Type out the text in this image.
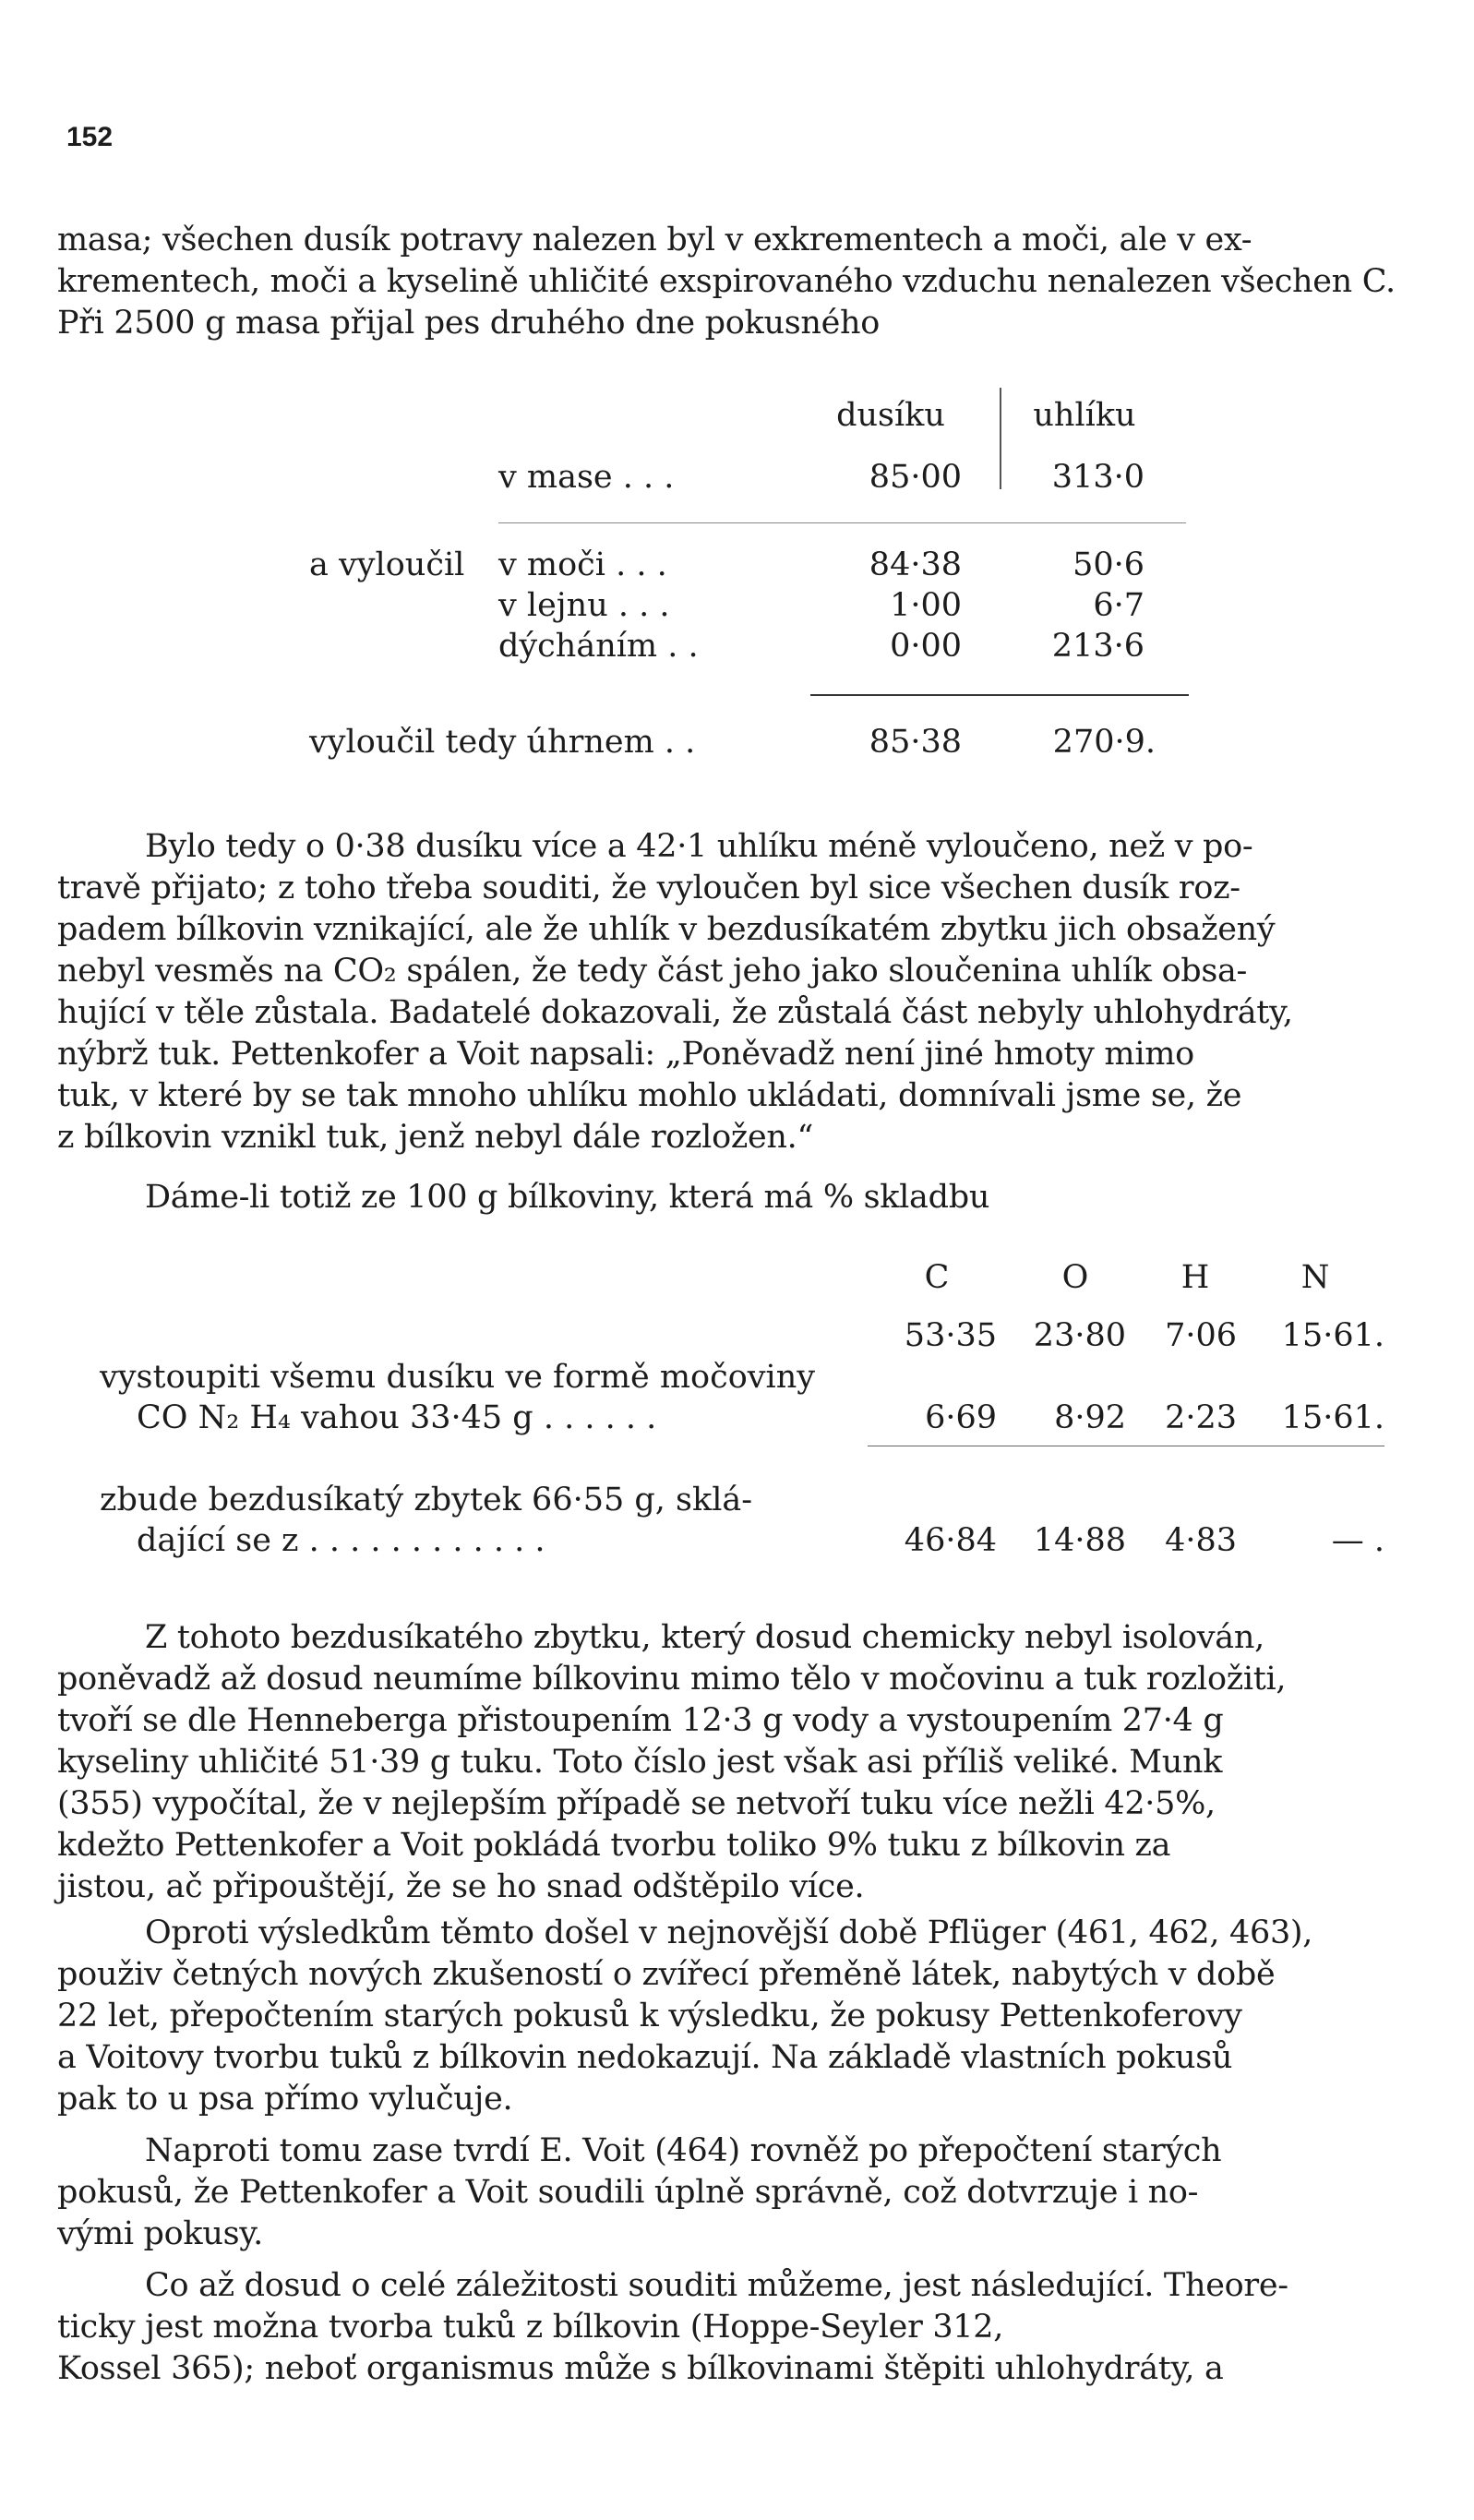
152
masa; všechen dusík potravy nalezen byl v exkrementech a moči, ale v ex-
krementech, moči a kyselině uhličité exspirovaného vzduchu nenalezen všechen C.
Při 2500 g masa přijal pes druhého dne pokusného
dusíku	uhlíku
v mase . . .	85·00	313·0
a vyloučil v moči . . .	84·38	50·6
v lejnu . . .	1·00	6·7
dýcháním . .	0·00	213·6
vyloučil tedy úhrnem . .	85·38	270·9.
Bylo tedy o 0·38 dusíku více a 42·1 uhlíku méně vyloučeno, než v po-
travě přijato; z toho třeba souditi, že vyloučen byl sice všechen dusík roz-
padem bílkovin vznikající, ale že uhlík v bezdusíkatém zbytku jich obsažený
nebyl vesměs na CO₂ spálen, že tedy část jeho jako sloučenina uhlík obsa-
hující v těle zůstala. Badatelé dokazovali, že zůstalá část nebyly uhlohydráty,
nýbrž tuk. Pettenkofer a Voit napsali: „Poněvadž není jiné hmoty mimo
tuk, v které by se tak mnoho uhlíku mohlo ukládati, domnívali jsme se, že
z bílkovin vznikl tuk, jenž nebyl dále rozložen.“
Dáme-li totiž ze 100 g bílkoviny, která má % skladbu
C	O	H	N
53·35	23·80	7·06	15·61.
vystoupiti všemu dusíku ve formě močoviny
CO N₂ H₄ vahou 33·45 g . . . . . .	6·69	8·92	2·23	15·61.
zbude bezdusíkatý zbytek 66·55 g, sklá-
dající se z . . . . . . . . . . . .	46·84	14·88	4·83	— .
Z tohoto bezdusíkatého zbytku, který dosud chemicky nebyl isolován,
poněvadž až dosud neumíme bílkovinu mimo tělo v močovinu a tuk rozložiti,
tvoří se dle Henneberga přistoupením 12·3 g vody a vystoupením 27·4 g
kyseliny uhličité 51·39 g tuku. Toto číslo jest však asi příliš veliké. Munk
(355) vypočítal, že v nejlepším případě se netvoří tuku více nežli 42·5%,
kdežto Pettenkofer a Voit pokládá tvorbu toliko 9% tuku z bílkovin za
jistou, ač připouštějí, že se ho snad odštěpilo více.
Oproti výsledkům těmto došel v nejnovější době Pflüger (461, 462, 463),
použiv četných nových zkušeností o zvířecí přeměně látek, nabytých v době
22 let, přepočtením starých pokusů k výsledku, že pokusy Pettenkoferovy
a Voitovy tvorbu tuků z bílkovin nedokazují. Na základě vlastních pokusů
pak to u psa přímo vylučuje.
Naproti tomu zase tvrdí E. Voit (464) rovněž po přepočtení starých
pokusů, že Pettenkofer a Voit soudili úplně správně, což dotvrzuje i no-
vými pokusy.
Co až dosud o celé záležitosti souditi můžeme, jest následující. Theore-
ticky jest možna tvorba tuků z bílkovin (Hoppe-Seyler 312,
Kossel 365); neboť organismus může s bílkovinami štěpiti uhlohydráty, a
